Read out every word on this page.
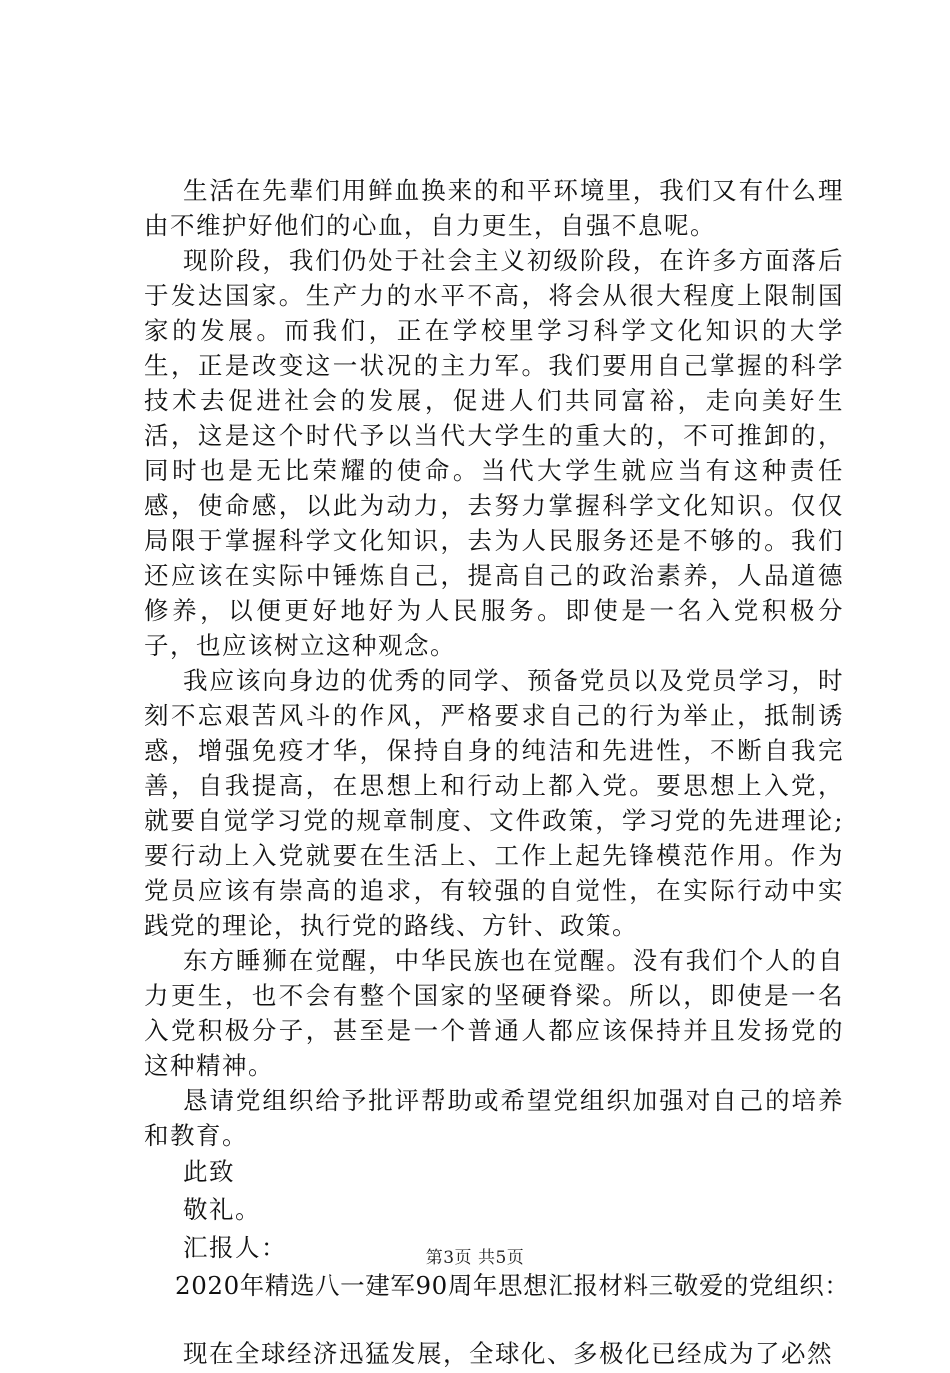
生活在先辈们用鲜血换来的和平环境里，我们又有什么理由不维护好他们的心血，自力更生，自强不息呢。

现阶段，我们仍处于社会主义初级阶段，在许多方面落后于发达国家。生产力的水平不高，将会从很大程度上限制国家的发展。而我们，正在学校里学习科学文化知识的大学生，正是改变这一状况的主力军。我们要用自己掌握的科学技术去促进社会的发展，促进人们共同富裕，走向美好生活，这是这个时代予以当代大学生的重大的，不可推卸的，同时也是无比荣耀的使命。当代大学生就应当有这种责任感，使命感，以此为动力，去努力掌握科学文化知识。仅仅局限于掌握科学文化知识，去为人民服务还是不够的。我们还应该在实际中锤炼自己，提高自己的政治素养，人品道德修养，以便更好地好为人民服务。即使是一名入党积极分子，也应该树立这种观念。

我应该向身边的优秀的同学、预备党员以及党员学习，时刻不忘艰苦风斗的作风，严格要求自己的行为举止，抵制诱惑，增强免疫才华，保持自身的纯洁和先进性，不断自我完善，自我提高，在思想上和行动上都入党。要思想上入党，就要自觉学习党的规章制度、文件政策，学习党的先进理论;要行动上入党就要在生活上、工作上起先锋模范作用。作为党员应该有崇高的追求，有较强的自觉性，在实际行动中实践党的理论，执行党的路线、方针、政策。

东方睡狮在觉醒，中华民族也在觉醒。没有我们个人的自力更生，也不会有整个国家的坚硬脊梁。所以，即使是一名入党积极分子，甚至是一个普通人都应该保持并且发扬党的这种精神。

恳请党组织给予批评帮助或希望党组织加强对自己的培养和教育。

此致

敬礼。

汇报人：

2020年精选八一建军90周年思想汇报材料三敬爱的党组织：

现在全球经济迅猛发展，全球化、多极化已经成为了必然

第3页 共5页
